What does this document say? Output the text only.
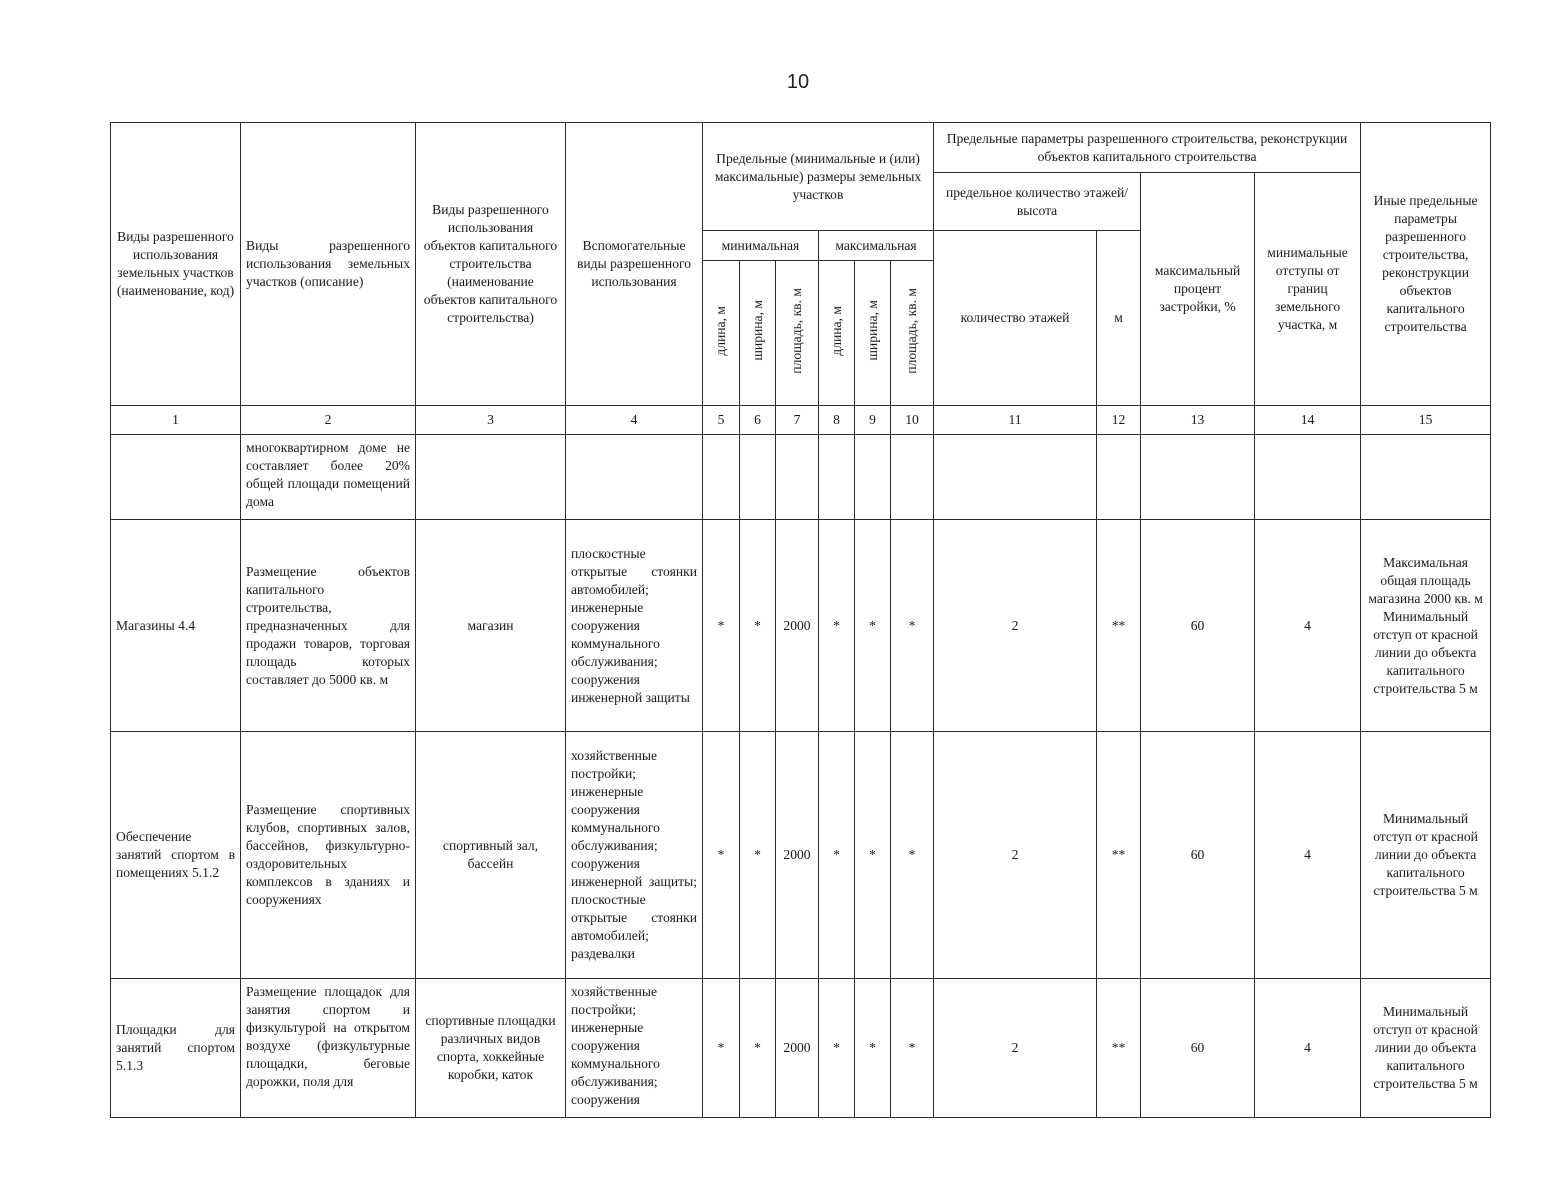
10
Виды разрешенного использования земельных участков (наименование, код)	Виды разрешенного использования земельных участков (описание)	Виды разрешенного использования объектов капитального строительства (наименование объектов капитального строительства)	Вспомогательные виды разрешенного использования	Предельные (минимальные и (или) максимальные) размеры земельных участков						Предельные параметры разрешенного строительства, реконструкции объектов капитального строительства				Иные предельные параметры разрешенного строительства, реконструкции объектов капитального строительства
										предельное количество этажей/высота		максимальный процент застройки, %	минимальные отступы от границ земельного участка, м	
				минимальная			максимальная			количество этажей	м			
				длина, м	ширина, м	площадь, кв. м	длина, м	ширина, м	площадь, кв. м					
1	2	3	4	5	6	7	8	9	10	11	12	13	14	15
	многоквартирном доме не составляет более 20% общей площади помещений дома													
Магазины 4.4	Размещение объектов капитального строительства, предназначенных для продажи товаров, торговая площадь которых составляет до 5000 кв. м	магазин	плоскостные открытые стоянки автомобилей; инженерные сооружения коммунального обслуживания; сооружения инженерной защиты	*	*	2000	*	*	*	2	**	60	4	Максимальная общая площадь магазина 2000 кв. м Минимальный отступ от красной линии до объекта капитального строительства 5 м
Обеспечение занятий спортом в помещениях 5.1.2	Размещение спортивных клубов, спортивных залов, бассейнов, физкультурно-оздоровительных комплексов в зданиях и сооружениях	спортивный зал, бассейн	хозяйственные постройки; инженерные сооружения коммунального обслуживания; сооружения инженерной защиты; плоскостные открытые стоянки автомобилей; раздевалки	*	*	2000	*	*	*	2	**	60	4	Минимальный отступ от красной линии до объекта капитального строительства 5 м
Площадки для занятий спортом 5.1.3	Размещение площадок для занятия спортом и физкультурой на открытом воздухе (физкультурные площадки, беговые дорожки, поля для	спортивные площадки различных видов спорта, хоккейные коробки, каток	хозяйственные постройки; инженерные сооружения коммунального обслуживания; сооружения	*	*	2000	*	*	*	2	**	60	4	Минимальный отступ от красной линии до объекта капитального строительства 5 м
